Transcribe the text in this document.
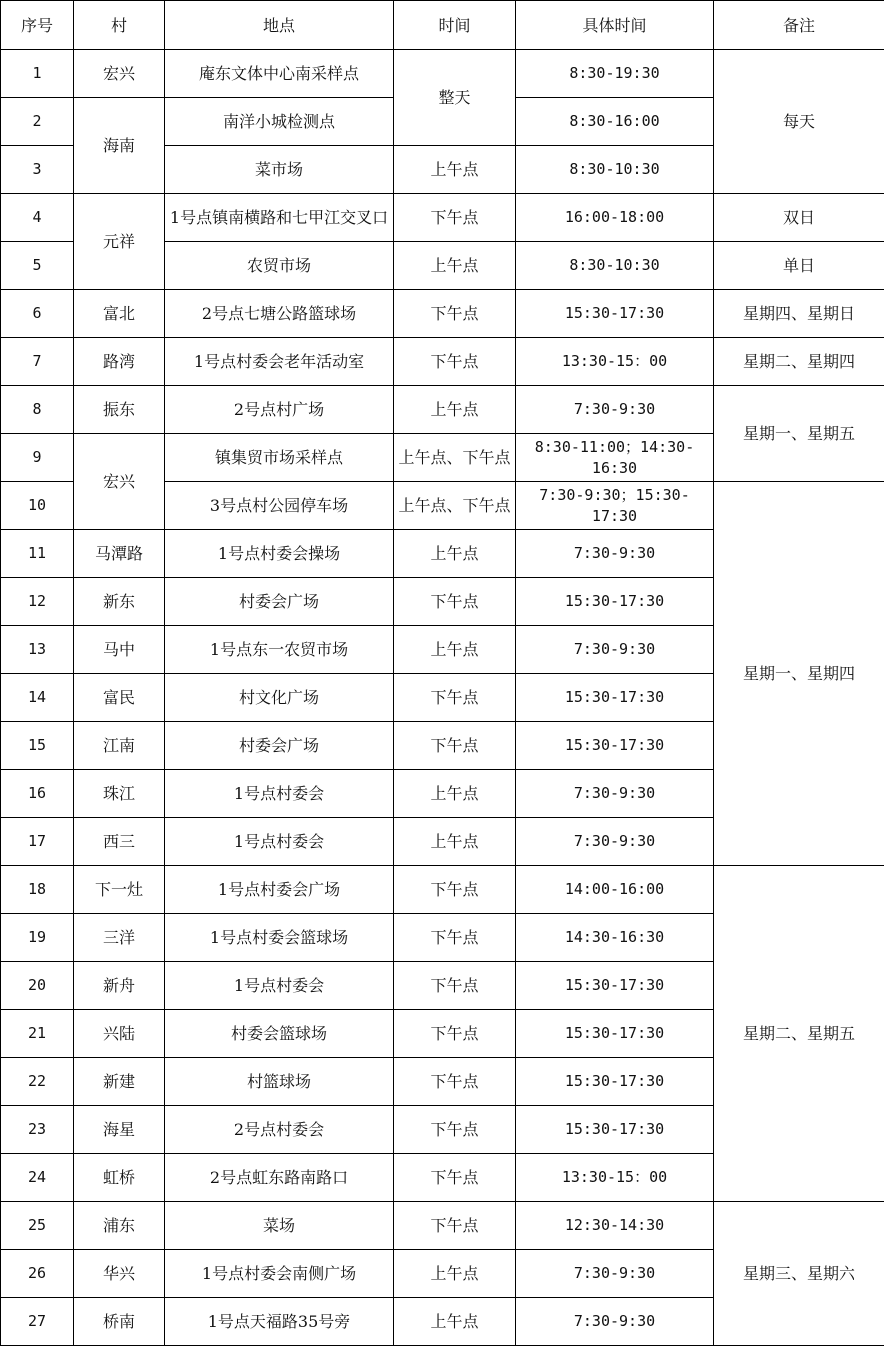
序号	村	地点	时间	具体时间	备注
1	宏兴	庵东文体中心南采样点	整天	8:30-19:30	每天
2	海南	南洋小城检测点		8:30-16:00	
3		菜市场	上午点	8:30-10:30	
4	元祥	1号点镇南横路和七甲江交叉口	下午点	16:00-18:00	双日
5		农贸市场	上午点	8:30-10:30	单日
6	富北	2号点七塘公路篮球场	下午点	15:30-17:30	星期四、星期日
7	路湾	1号点村委会老年活动室	下午点	13:30-15：00	星期二、星期四
8	振东	2号点村广场	上午点	7:30-9:30	星期一、星期五
9	宏兴	镇集贸市场采样点	上午点、下午点	8:30-11:00；14:30-16:30	
10		3号点村公园停车场	上午点、下午点	7:30-9:30；15:30-17:30	星期一、星期四
11	马潭路	1号点村委会操场	上午点	7:30-9:30	
12	新东	村委会广场	下午点	15:30-17:30	
13	马中	1号点东一农贸市场	上午点	7:30-9:30	
14	富民	村文化广场	下午点	15:30-17:30	
15	江南	村委会广场	下午点	15:30-17:30	
16	珠江	1号点村委会	上午点	7:30-9:30	
17	西三	1号点村委会	上午点	7:30-9:30	
18	下一灶	1号点村委会广场	下午点	14:00-16:00	星期二、星期五
19	三洋	1号点村委会篮球场	下午点	14:30-16:30	
20	新舟	1号点村委会	下午点	15:30-17:30	
21	兴陆	村委会篮球场	下午点	15:30-17:30	
22	新建	村篮球场	下午点	15:30-17:30	
23	海星	2号点村委会	下午点	15:30-17:30	
24	虹桥	2号点虹东路南路口	下午点	13:30-15：00	
25	浦东	菜场	下午点	12:30-14:30	星期三、星期六
26	华兴	1号点村委会南侧广场	上午点	7:30-9:30	
27	桥南	1号点天福路35号旁	上午点	7:30-9:30	
